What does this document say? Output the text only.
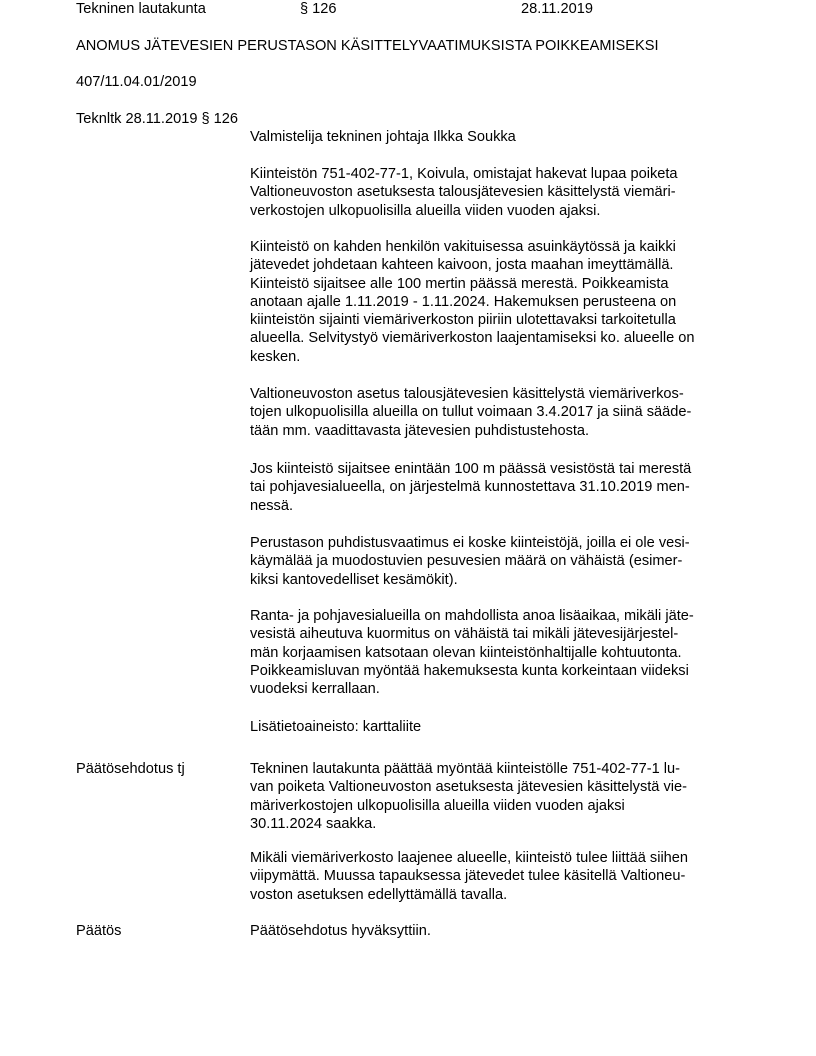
Tekninen lautakunta	§ 126	28.11.2019
ANOMUS JÄTEVESIEN PERUSTASON KÄSITTELYVAATIMUKSISTA POIKKEAMISEKSI
407/11.04.01/2019
Teknltk 28.11.2019 § 126
Valmistelija tekninen johtaja Ilkka Soukka

Kiinteistön 751-402-77-1, Koivula, omistajat hakevat lupaa poiketa
Valtioneuvoston asetuksesta talousjätevesien käsittelystä viemäri-
verkostojen ulkopuolisilla alueilla viiden vuoden ajaksi.

Kiinteistö on kahden henkilön vakituisessa asuinkäytössä ja kaikki
jätevedet johdetaan kahteen kaivoon, josta maahan imeyttämällä.
Kiinteistö sijaitsee alle 100 mertin päässä merestä. Poikkeamista
anotaan ajalle 1.11.2019 - 1.11.2024. Hakemuksen perusteena on
kiinteistön sijainti viemäriverkoston piiriin ulotettavaksi tarkoitetulla
alueella. Selvitystyö viemäriverkoston laajentamiseksi ko. alueelle on
kesken.

Valtioneuvoston asetus talousjätevesien käsittelystä viemäriverkos-
tojen ulkopuolisilla alueilla on tullut voimaan 3.4.2017 ja siinä sääde-
tään mm. vaadittavasta jätevesien puhdistustehosta.

Jos kiinteistö sijaitsee enintään 100 m päässä vesistöstä tai merestä
tai pohjavesialueella, on järjestelmä kunnostettava 31.10.2019 men-
nessä.

Perustason puhdistusvaatimus ei koske kiinteistöjä, joilla ei ole vesi-
käymälää ja muodostuvien pesuvesien määrä on vähäistä (esimer-
kiksi kantovedelliset kesämökit).

Ranta- ja pohjavesialueilla on mahdollista anoa lisäaikaa, mikäli jäte-
vesistä aiheutuva kuormitus on vähäistä tai mikäli jätevesijärjestel-
män korjaamisen katsotaan olevan kiinteistönhaltijalle kohtuutonta.
Poikkeamisluvan myöntää hakemuksesta kunta korkeintaan viideksi
vuodeksi kerrallaan.

Lisätietoaineisto: karttaliite

Päätösehdotus tj	Tekninen lautakunta päättää myöntää kiinteistölle 751-402-77-1 lu-
van poiketa Valtioneuvoston asetuksesta jätevesien käsittelystä vie-
märiverkostojen ulkopuolisilla alueilla viiden vuoden ajaksi
30.11.2024 saakka.

Mikäli viemäriverkosto laajenee alueelle, kiinteistö tulee liittää siihen
viipymättä. Muussa tapauksessa jätevedet tulee käsitellä Valtioneu-
voston asetuksen edellyttämällä tavalla.

Päätös	Päätösehdotus hyväksyttiin.
